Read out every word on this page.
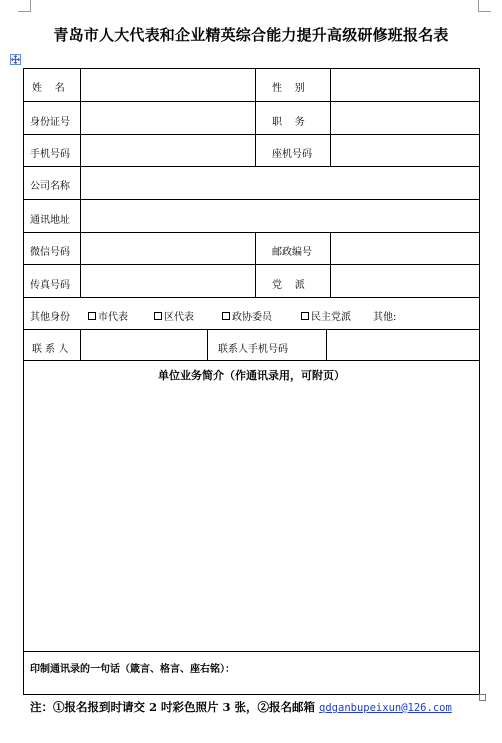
青岛市人大代表和企业精英综合能力提升高级研修班报名表
姓    名	性    别
身份证号	职    务
手机号码	座机号码
公司名称
通讯地址
微信号码	邮政编号
传真号码	党    派
其他身份	市代表	区代表	政协委员	民主党派 其他:
联 系 人	联系人手机号码
单位业务简介（作通讯录用，可附页）
印制通讯录的一句话（箴言、格言、座右铭）：
注：①报名报到时请交 2 吋彩色照片 3 张，②报名邮箱 qdganbupeixun@126.com
